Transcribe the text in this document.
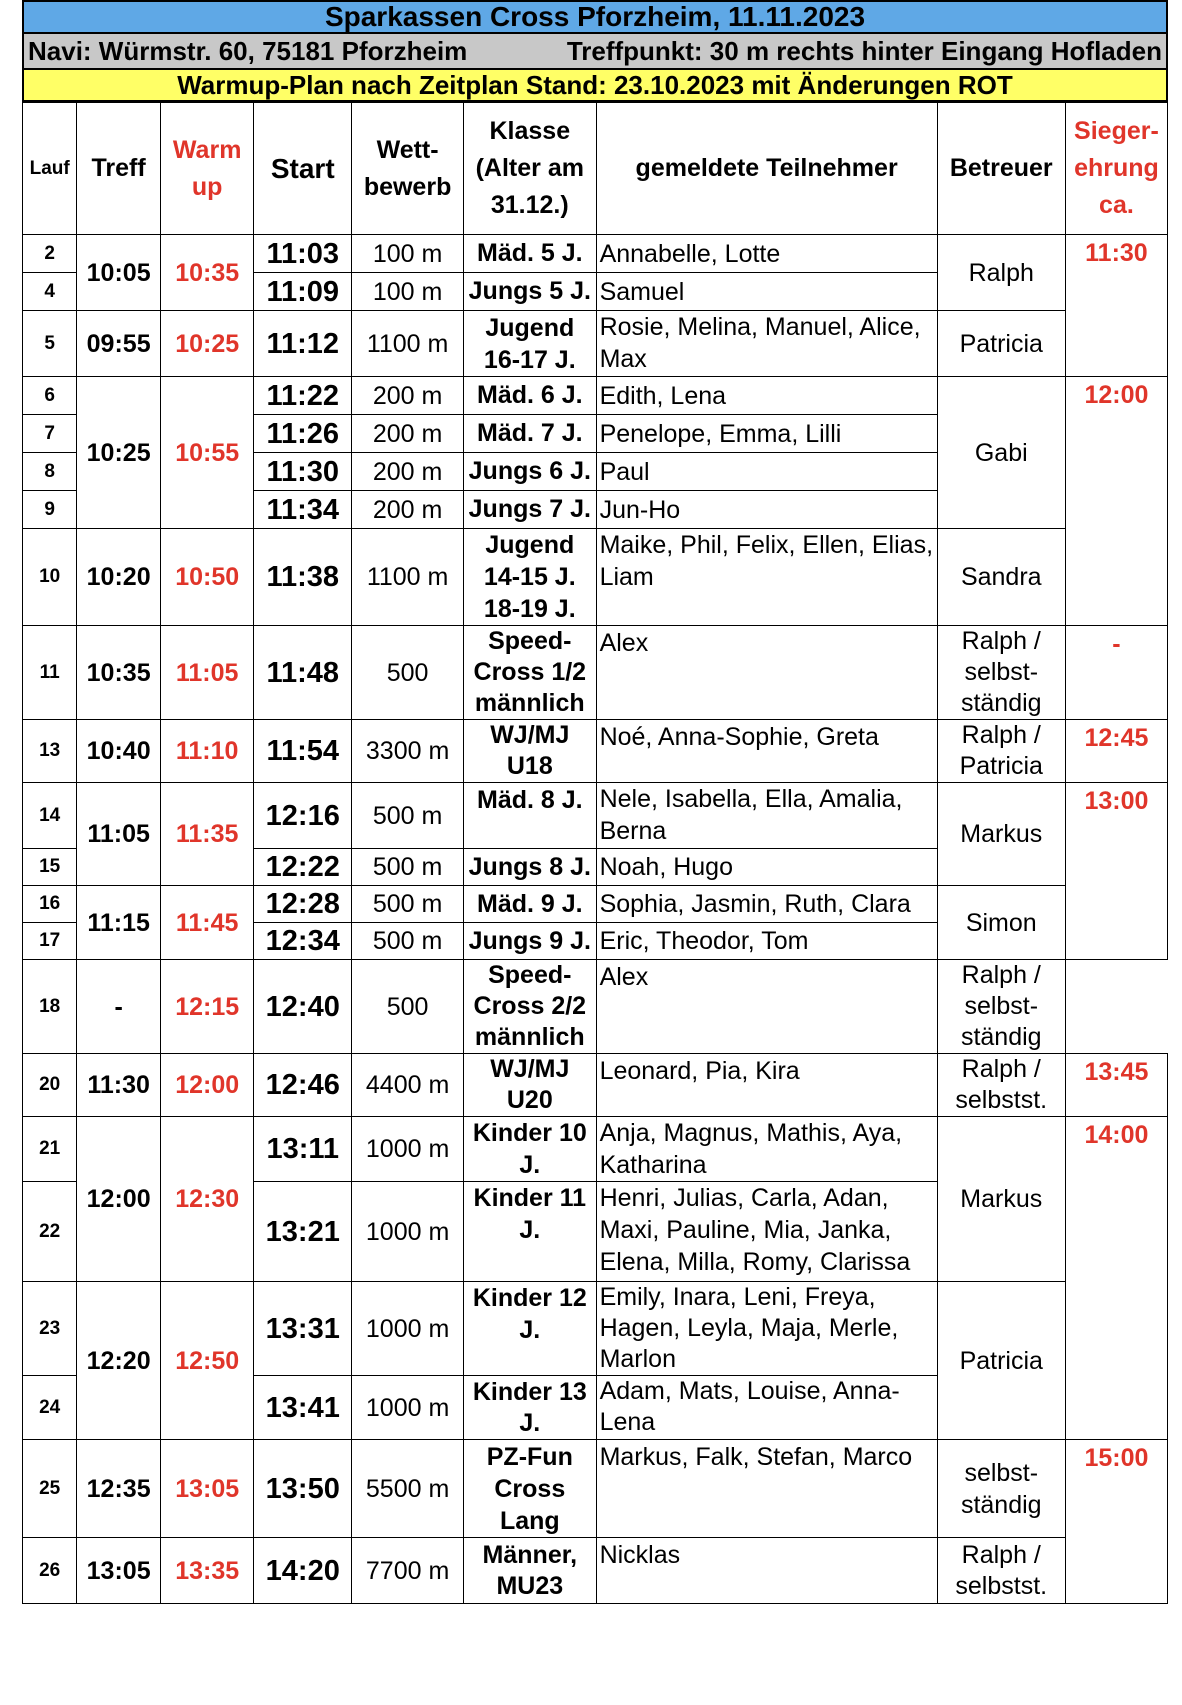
Sparkassen Cross Pforzheim, 11.11.2023
Navi: Würmstr. 60, 75181 Pforzheim	Treffpunkt: 30 m rechts hinter Eingang Hofladen
Warmup-Plan nach Zeitplan Stand: 23.10.2023 mit Änderungen ROT
Lauf	Treff	Warm up	Start	Wett- bewerb	Klasse (Alter am 31.12.)	gemeldete Teilnehmer	Betreuer	Sieger- ehrung ca.
2	10:05	10:35	11:03	100 m	Mäd. 5 J.	Annabelle, Lotte	Ralph	11:30
4			11:09	100 m	Jungs 5 J.	Samuel		
5	09:55	10:25	11:12	1100 m	Jugend 16-17 J.	Rosie, Melina, Manuel, Alice, Max	Patricia	
6	10:25	10:55	11:22	200 m	Mäd. 6 J.	Edith, Lena	Gabi	12:00
7			11:26	200 m	Mäd. 7 J.	Penelope, Emma, Lilli		
8			11:30	200 m	Jungs 6 J.	Paul		
9			11:34	200 m	Jungs 7 J.	Jun-Ho		
10	10:20	10:50	11:38	1100 m	Jugend 14-15 J. 18-19 J.	Maike, Phil, Felix, Ellen, Elias, Liam	Sandra	
11	10:35	11:05	11:48	500	Speed-Cross 1/2 männlich	Alex	Ralph / selbst-ständig	-
13	10:40	11:10	11:54	3300 m	WJ/MJ U18	Noé, Anna-Sophie, Greta	Ralph / Patricia	12:45
14	11:05	11:35	12:16	500 m	Mäd. 8 J.	Nele, Isabella, Ella, Amalia, Berna	Markus	13:00
15			12:22	500 m	Jungs 8 J.	Noah, Hugo		
16	11:15	11:45	12:28	500 m	Mäd. 9 J.	Sophia, Jasmin, Ruth, Clara	Simon	
17			12:34	500 m	Jungs 9 J.	Eric, Theodor, Tom		
18	-	12:15	12:40	500	Speed-Cross 2/2 männlich	Alex	Ralph / selbst-ständig	
20	11:30	12:00	12:46	4400 m	WJ/MJ U20	Leonard, Pia, Kira	Ralph / selbstst.	13:45
21	12:00	12:30	13:11	1000 m	Kinder 10 J.	Anja, Magnus, Mathis, Aya, Katharina	Markus	14:00
22			13:21	1000 m	Kinder 11 J.	Henri, Julias, Carla, Adan, Maxi, Pauline, Mia, Janka, Elena, Milla, Romy, Clarissa		
23	12:20	12:50	13:31	1000 m	Kinder 12 J.	Emily, Inara, Leni, Freya, Hagen, Leyla, Maja, Merle, Marlon	Patricia	
24			13:41	1000 m	Kinder 13 J.	Adam, Mats, Louise, Anna-Lena		
25	12:35	13:05	13:50	5500 m	PZ-Fun Cross Lang	Markus, Falk, Stefan, Marco	selbst-ständig	15:00
26	13:05	13:35	14:20	7700 m	Männer, MU23	Nicklas	Ralph / selbstst.	
